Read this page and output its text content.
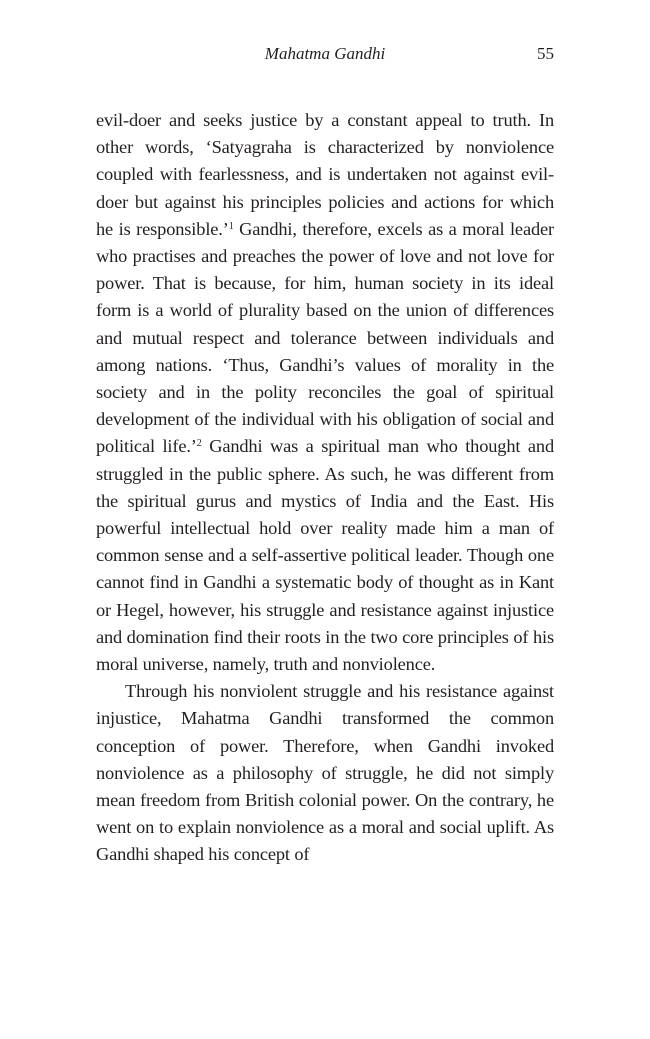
Mahatma Gandhi	55

evil-doer and seeks justice by a constant appeal to truth. In other words, ‘Satyagraha is characterized by nonviolence coupled with fearlessness, and is undertaken not against evil-doer but against his principles policies and actions for which he is responsible.’$^1$ Gandhi, therefore, excels as a moral leader who practises and preaches the power of love and not love for power. That is because, for him, human society in its ideal form is a world of plurality based on the union of differences and mutual respect and tolerance between individuals and among nations. ‘Thus, Gandhi’s values of morality in the society and in the polity reconciles the goal of spiritual development of the individual with his obligation of social and political life.’$^2$ Gandhi was a spiritual man who thought and struggled in the public sphere. As such, he was different from the spiritual gurus and mystics of India and the East. His powerful intellectual hold over reality made him a man of common sense and a self-assertive political leader. Though one cannot find in Gandhi a systematic body of thought as in Kant or Hegel, however, his struggle and resistance against injustice and domination find their roots in the two core principles of his moral universe, namely, truth and nonviolence.

Through his nonviolent struggle and his resistance against injustice, Mahatma Gandhi transformed the common conception of power. Therefore, when Gandhi invoked nonviolence as a philosophy of struggle, he did not simply mean freedom from British colonial power. On the contrary, he went on to explain nonviolence as a moral and social uplift. As Gandhi shaped his concept of
